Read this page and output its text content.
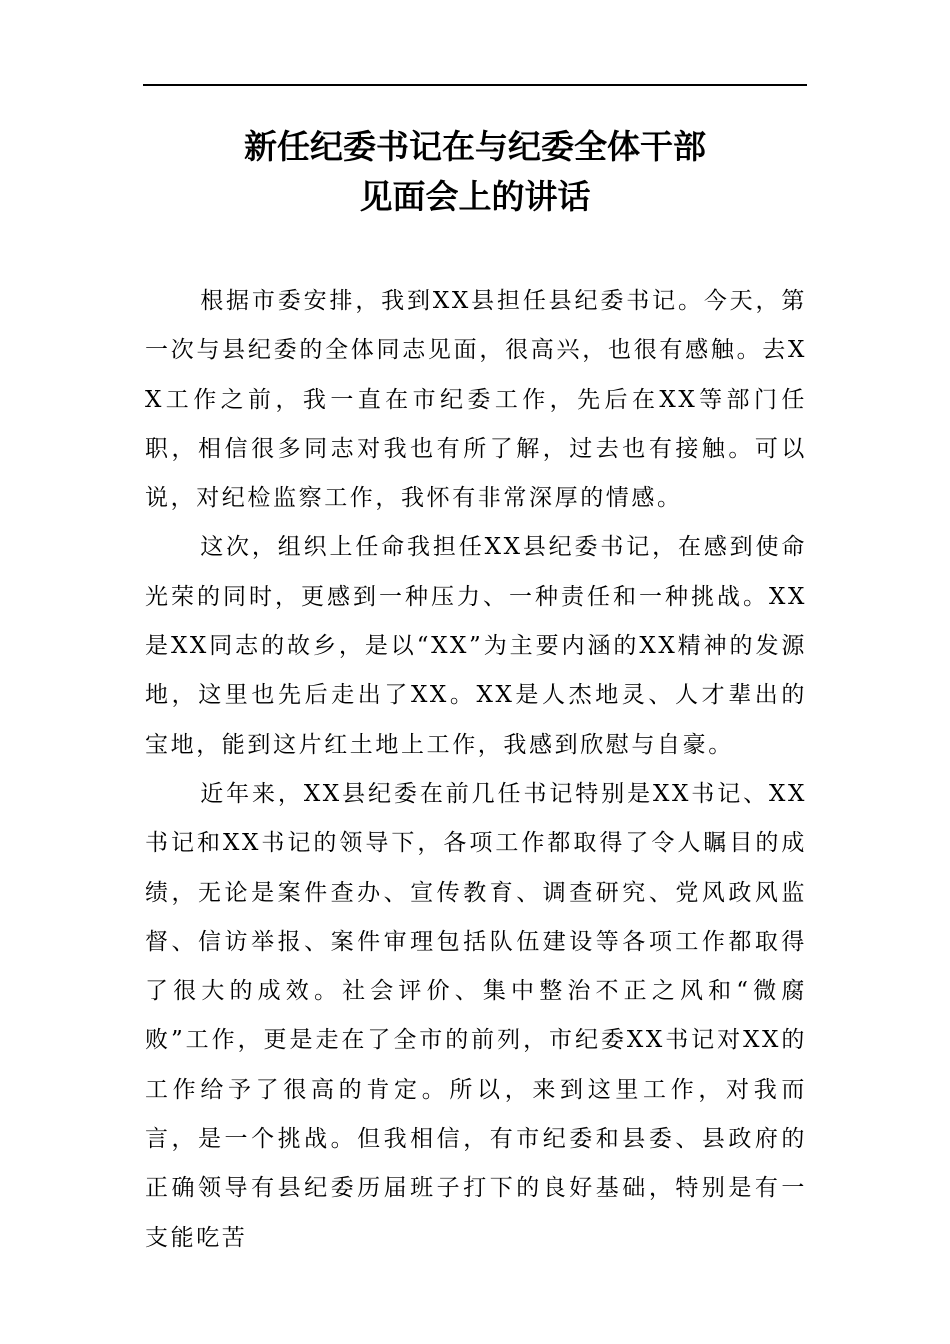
新任纪委书记在与纪委全体干部
见面会上的讲话

根据市委安排，我到XX县担任县纪委书记。今天，第一次与县纪委的全体同志见面，很高兴，也很有感触。去XX工作之前，我一直在市纪委工作，先后在XX等部门任职，相信很多同志对我也有所了解，过去也有接触。可以说，对纪检监察工作，我怀有非常深厚的情感。

这次，组织上任命我担任XX县纪委书记，在感到使命光荣的同时，更感到一种压力、一种责任和一种挑战。XX是XX同志的故乡，是以“XX”为主要内涵的XX精神的发源地，这里也先后走出了XX。XX是人杰地灵、人才辈出的宝地，能到这片红土地上工作，我感到欣慰与自豪。

近年来，XX县纪委在前几任书记特别是XX书记、XX书记和XX书记的领导下，各项工作都取得了令人瞩目的成绩，无论是案件查办、宣传教育、调查研究、党风政风监督、信访举报、案件审理包括队伍建设等各项工作都取得了很大的成效。社会评价、集中整治不正之风和“微腐败”工作，更是走在了全市的前列，市纪委XX书记对XX的工作给予了很高的肯定。所以，来到这里工作，对我而言，是一个挑战。但我相信，有市纪委和县委、县政府的正确领导有县纪委历届班子打下的良好基础，特别是有一支能吃苦
